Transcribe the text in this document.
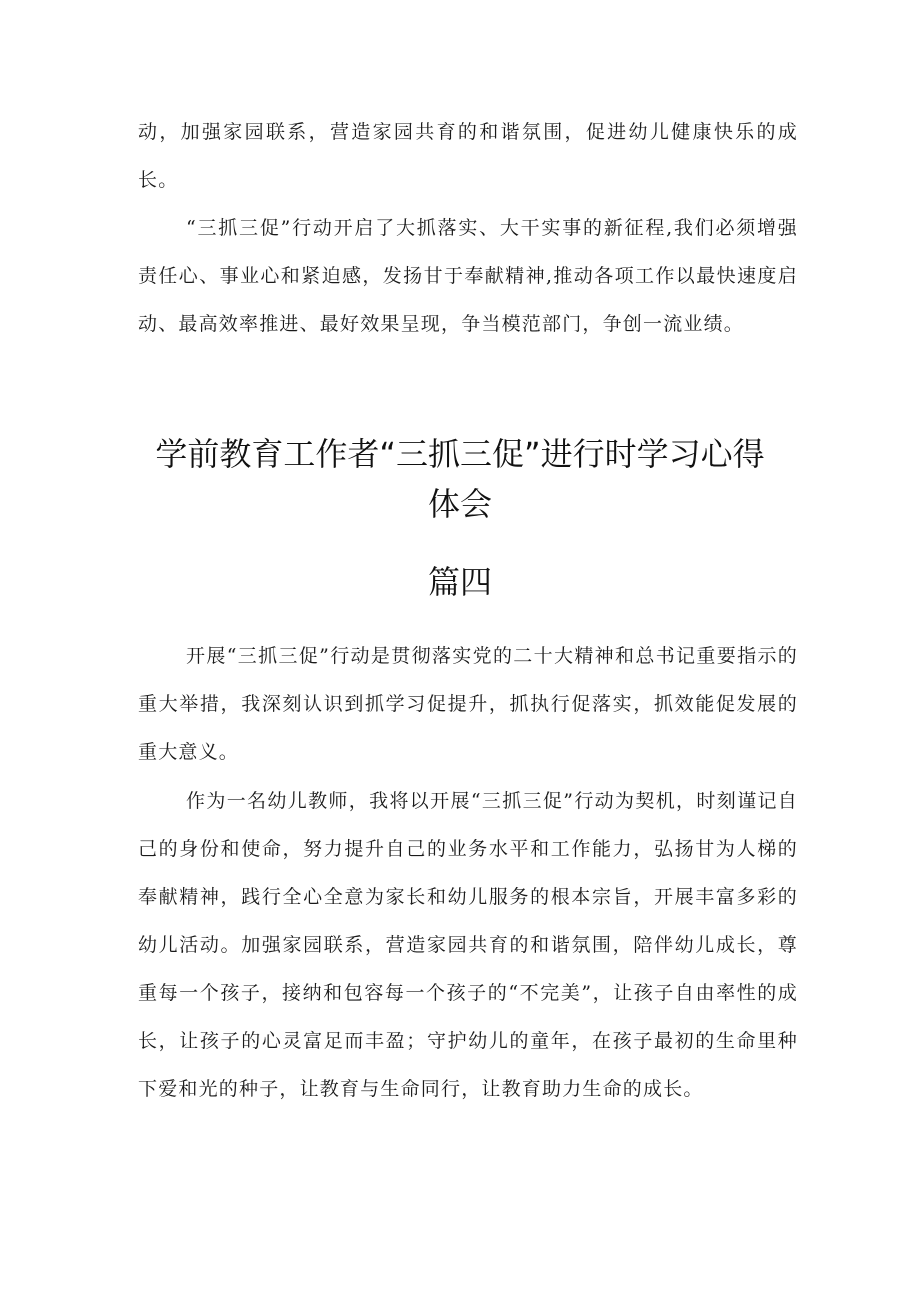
动，加强家园联系，营造家园共育的和谐氛围，促进幼儿健康快乐的成长。

“三抓三促”行动开启了大抓落实、大干实事的新征程,我们必须增强责任心、事业心和紧迫感，发扬甘于奉献精神,推动各项工作以最快速度启动、最高效率推进、最好效果呈现，争当模范部门，争创一流业绩。

学前教育工作者“三抓三促”进行时学习心得
体会
篇四

开展“三抓三促”行动是贯彻落实党的二十大精神和总书记重要指示的重大举措，我深刻认识到抓学习促提升，抓执行促落实，抓效能促发展的重大意义。

作为一名幼儿教师，我将以开展“三抓三促”行动为契机，时刻谨记自己的身份和使命，努力提升自己的业务水平和工作能力，弘扬甘为人梯的奉献精神，践行全心全意为家长和幼儿服务的根本宗旨，开展丰富多彩的幼儿活动。加强家园联系，营造家园共育的和谐氛围，陪伴幼儿成长，尊重每一个孩子，接纳和包容每一个孩子的“不完美”，让孩子自由率性的成长，让孩子的心灵富足而丰盈；守护幼儿的童年，在孩子最初的生命里种下爱和光的种子，让教育与生命同行，让教育助力生命的成长。
